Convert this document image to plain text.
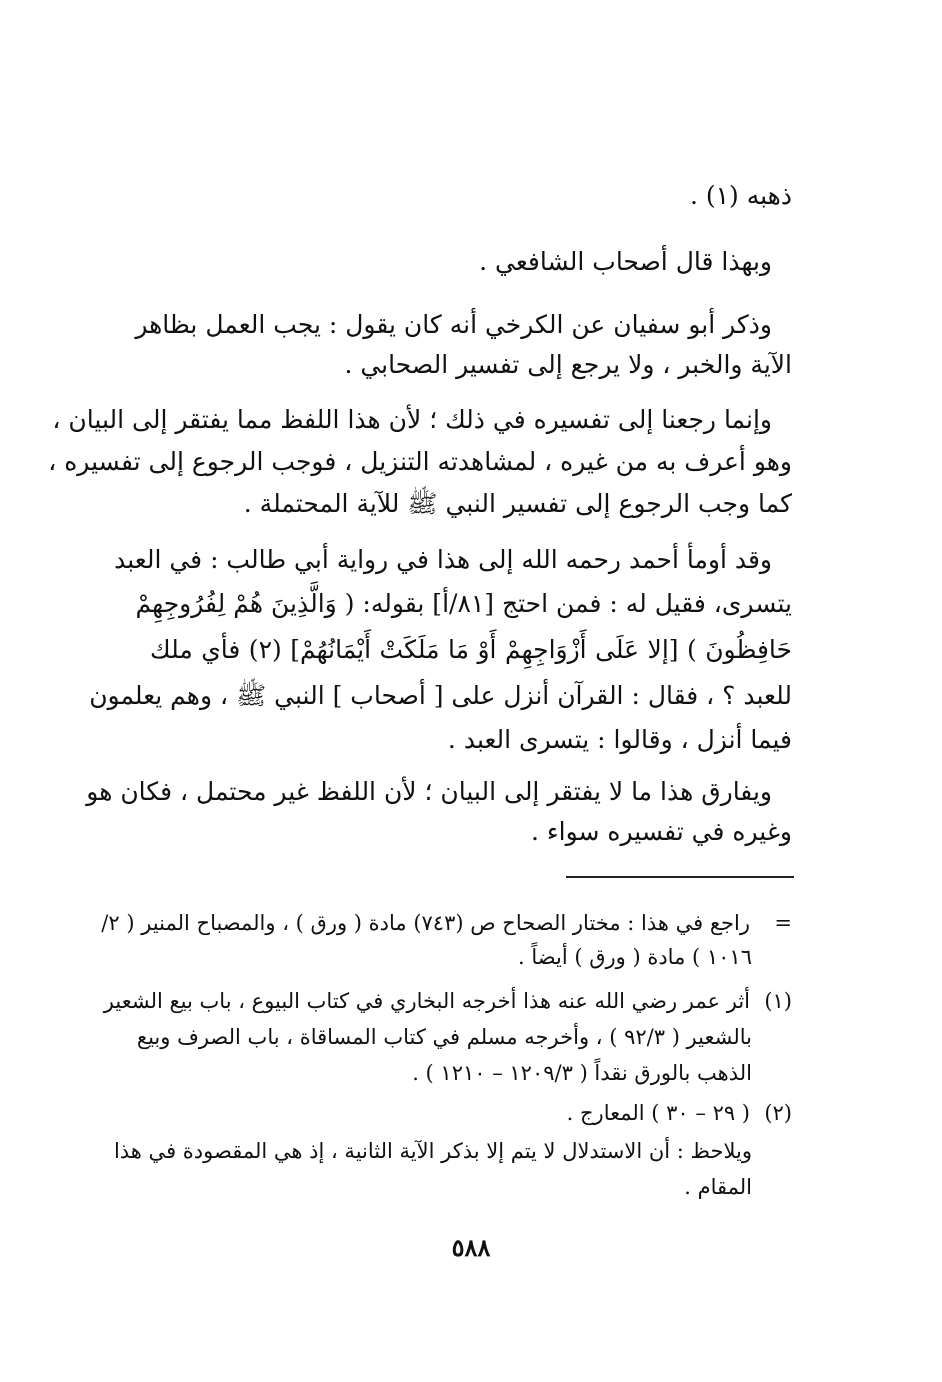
ذهبه (١) .
وبهذا قال أصحاب الشافعي .
وذكر أبو سفيان عن الكرخي أنه كان يقول : يجب العمل بظاهر
الآية والخبر ، ولا يرجع إلى تفسير الصحابي .
وإنما رجعنا إلى تفسيره في ذلك ؛ لأن هذا اللفظ مما يفتقر إلى البيان ،
وهو أعرف به من غيره ، لمشاهدته التنزيل ، فوجب الرجوع إلى تفسيره ،
كما وجب الرجوع إلى تفسير النبي ﷺ للآية المحتملة .
وقد أومأ أحمد رحمه الله إلى هذا في رواية أبي طالب : في العبد
يتسرى، فقيل له : فمن احتج [٨١/أ] بقوله: ( وَالَّذِينَ هُمْ لِفُرُوجِهِمْ
حَافِظُونَ ) [إلا عَلَى أَزْوَاجِهِمْ أَوْ مَا مَلَكَتْ أَيْمَانُهُمْ] (٢) فأي ملك
للعبد ؟ ، فقال : القرآن أنزل على [ أصحاب ] النبي ﷺ ، وهم يعلمون
فيما أنزل ، وقالوا : يتسرى العبد .
ويفارق هذا ما لا يفتقر إلى البيان ؛ لأن اللفظ غير محتمل ، فكان هو
وغيره في تفسيره سواء .
=راجع في هذا : مختار الصحاح ص (٧٤٣) مادة ( ورق ) ، والمصباح المنير ( ٢/
١٠١٦ ) مادة ( ورق ) أيضاً .
(١)أثر عمر رضي الله عنه هذا أخرجه البخاري في كتاب البيوع ، باب بيع الشعير
بالشعير ( ٩٢/٣ ) ، وأخرجه مسلم في كتاب المساقاة ، باب الصرف وبيع
الذهب بالورق نقداً ( ١٢٠٩/٣ – ١٢١٠ ) .
(٢)( ٢٩ – ٣٠ ) المعارج .
ويلاحظ : أن الاستدلال لا يتم إلا بذكر الآية الثانية ، إذ هي المقصودة في هذا
المقام .
٥٨٨
